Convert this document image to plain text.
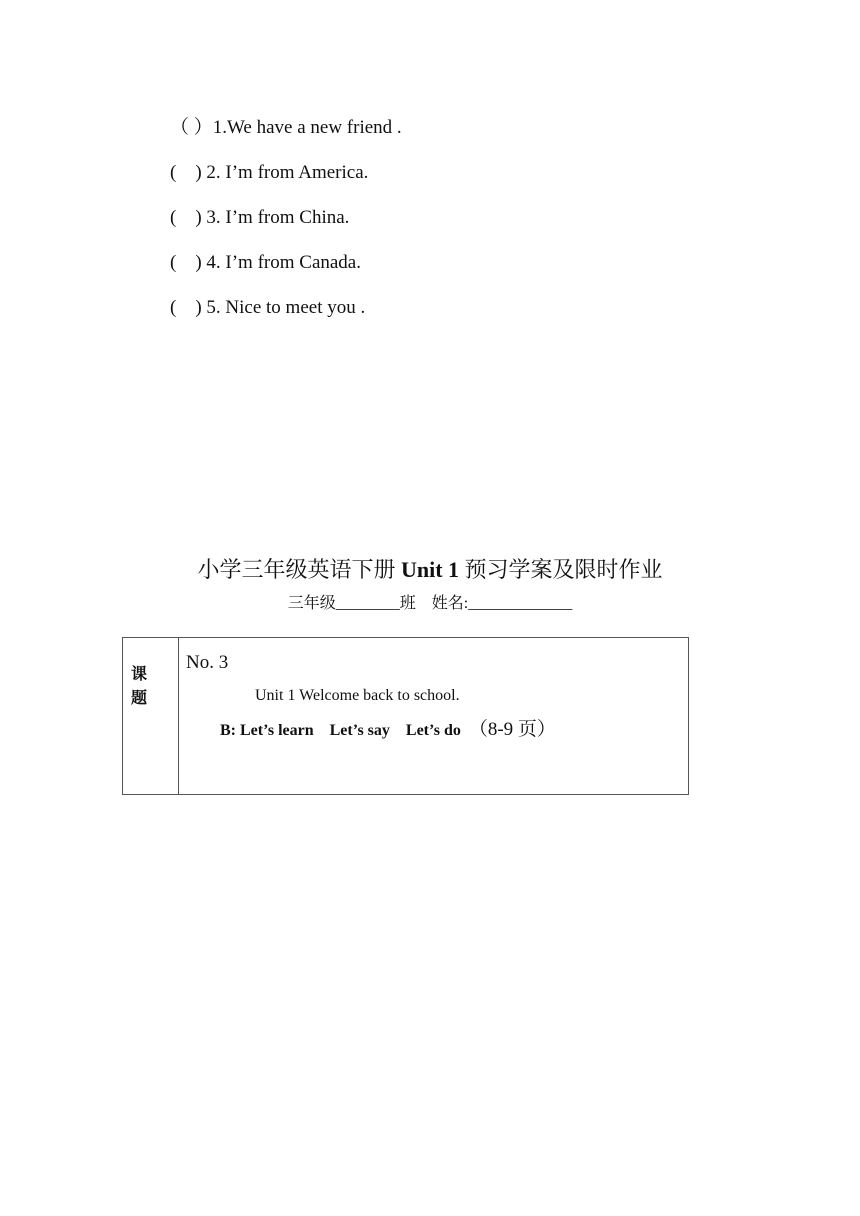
（ ）1.We have a new friend .
(    ) 2. I’m from America.
(    ) 3. I’m from China.
(    ) 4. I’m from Canada.
(    ) 5. Nice to meet you .
小学三年级英语下册 Unit 1 预习学案及限时作业
三年级________班    姓名:_____________
课题
No. 3
Unit 1 Welcome back to school.
B: Let’s learn    Let’s say    Let’s do （8-9 页）
